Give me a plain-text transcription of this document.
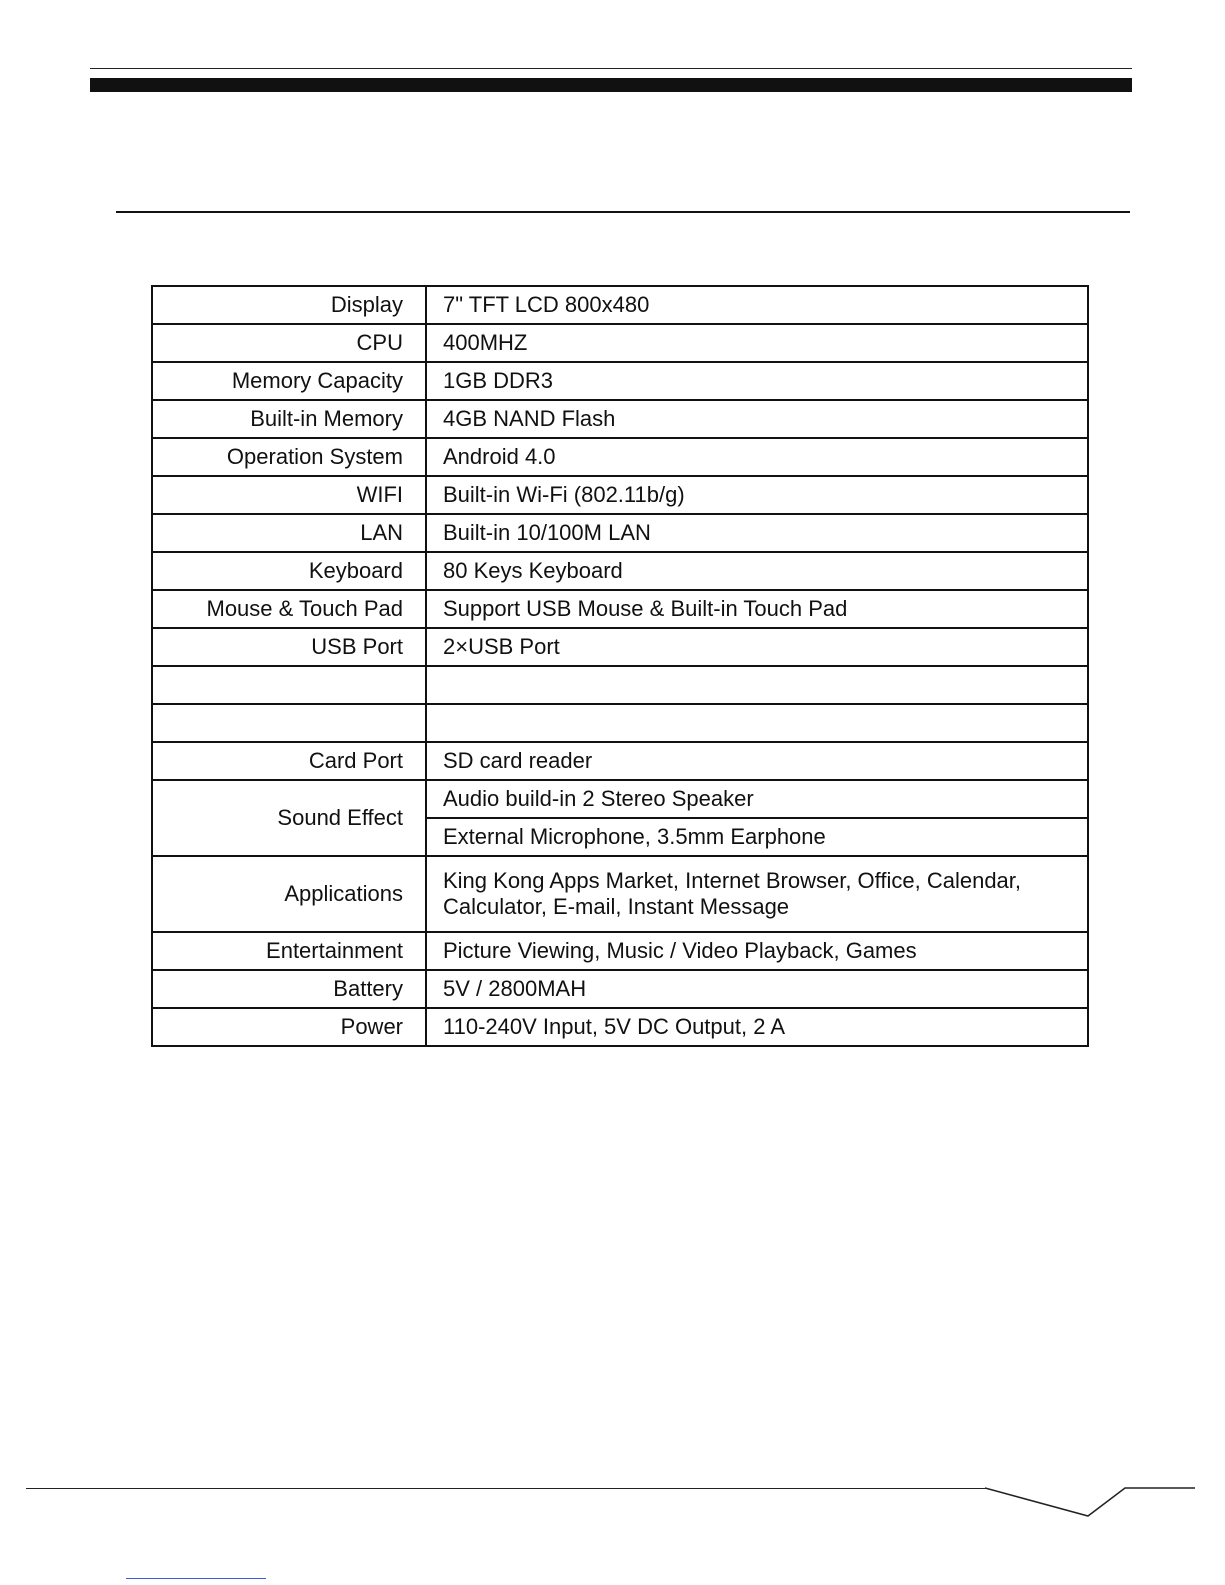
Display	7" TFT LCD 800x480
CPU	400MHZ
Memory Capacity	1GB DDR3
Built-in Memory	4GB NAND Flash
Operation System	Android 4.0
WIFI	Built-in Wi-Fi (802.11b/g)
LAN	Built-in 10/100M LAN
Keyboard	80 Keys Keyboard
Mouse & Touch Pad	Support USB Mouse & Built-in Touch Pad
USB Port	2×USB Port

Card Port	SD card reader
Sound Effect	Audio build-in 2 Stereo Speaker
	External Microphone, 3.5mm Earphone
Applications	King Kong Apps Market, Internet Browser, Office, Calendar,
Calculator, E-mail, Instant Message

Entertainment	Picture Viewing, Music / Video Playback, Games
Battery	5V / 2800MAH
Power	110-240V Input, 5V DC Output, 2 A
